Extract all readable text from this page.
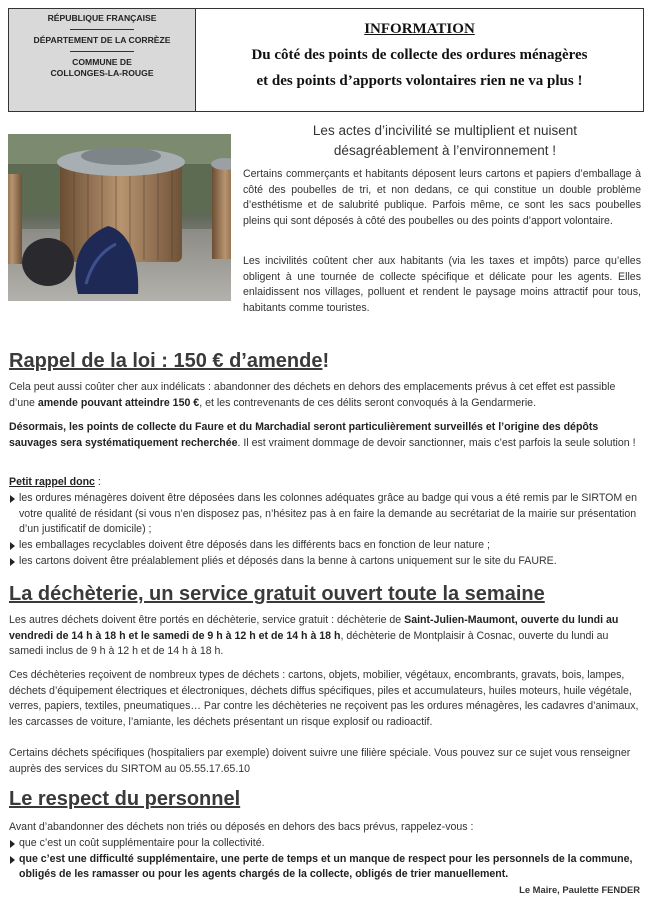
RÉPUBLIQUE FRANÇAISE

DÉPARTEMENT DE LA CORRÈZE

COMMUNE DE

COLLONGES-LA-ROUGE

INFORMATION
Du côté des points de collecte des ordures ménagères
et des points d’apports volontaires rien ne va plus !
Les actes d’incivilité se multiplient et nuisent
désagréablement à l’environnement !

Certains commerçants et habitants déposent leurs cartons et papiers d’emballage à côté des poubelles de tri, et non dedans, ce qui constitue un double problème d’esthétisme et de salubrité publique. Parfois même, ce sont les sacs poubelles pleins qui sont déposés à côté des poubelles ou des points d’apport volontaire.

Les incivilités coûtent cher aux habitants (via les taxes et impôts) parce qu’elles obligent à une tournée de collecte spécifique et délicate pour les agents. Elles enlaidissent nos villages, polluent et rendent le paysage moins attractif pour tous, habitants comme touristes.

Rappel de la loi : 150 € d’amende!

Cela peut aussi coûter cher aux indélicats : abandonner des déchets en dehors des emplacements prévus à cet effet est passible d’une amende pouvant atteindre 150 €, et les contrevenants de ces délits seront convoqués à la Gendarmerie.

Désormais, les points de collecte du Faure et du Marchadial seront particulièrement surveillés et l’origine des dépôts sauvages sera systématiquement recherchée. Il est vraiment dommage de devoir sanctionner, mais c’est parfois la seule solution !

Petit rappel donc :

les ordures ménagères doivent être déposées dans les colonnes adéquates grâce au badge qui vous a été remis par le SIRTOM en votre qualité de résidant (si vous n’en disposez pas, n’hésitez pas à en faire la demande au secrétariat de la mairie sur présentation d’un justificatif de domicile) ;
les emballages recyclables doivent être déposés dans les différents bacs en fonction de leur nature ;
les cartons doivent être préalablement pliés et déposés dans la benne à cartons uniquement sur le site du FAURE.
La déchèterie, un service gratuit ouvert toute la semaine

Les autres déchets doivent être portés en déchèterie, service gratuit : déchèterie de Saint-Julien-Maumont, ouverte du lundi au vendredi de 14 h à 18 h et le samedi de 9 h à 12 h et de 14 h à 18 h, déchèterie de Montplaisir à Cosnac, ouverte du lundi au samedi inclus de 9 h à 12 h et de 14 h à 18 h.

Ces déchèteries reçoivent de nombreux types de déchets : cartons, objets, mobilier, végétaux, encombrants, gravats, bois, lampes, déchets d’équipement électriques et électroniques, déchets diffus spécifiques, piles et accumulateurs, huiles moteurs, huile végétale, verres, papiers, textiles, pneumatiques… Par contre les déchèteries ne reçoivent pas les ordures ménagères, les cadavres d’animaux, les carcasses de voiture, l’amiante, les déchets présentant un risque explosif ou radioactif.

Certains déchets spécifiques (hospitaliers par exemple) doivent suivre une filière spéciale. Vous pouvez sur ce sujet vous renseigner auprès des services du SIRTOM au 05.55.17.65.10

Le respect du personnel

Avant d’abandonner des déchets non triés ou déposés en dehors des bacs prévus, rappelez-vous :

que c’est un coût supplémentaire pour la collectivité.
que c’est une difficulté supplémentaire, une perte de temps et un manque de respect pour les personnels de la commune, obligés de les ramasser ou pour les agents chargés de la collecte, obligés de trier manuellement.
Le Maire, Paulette FENDER
